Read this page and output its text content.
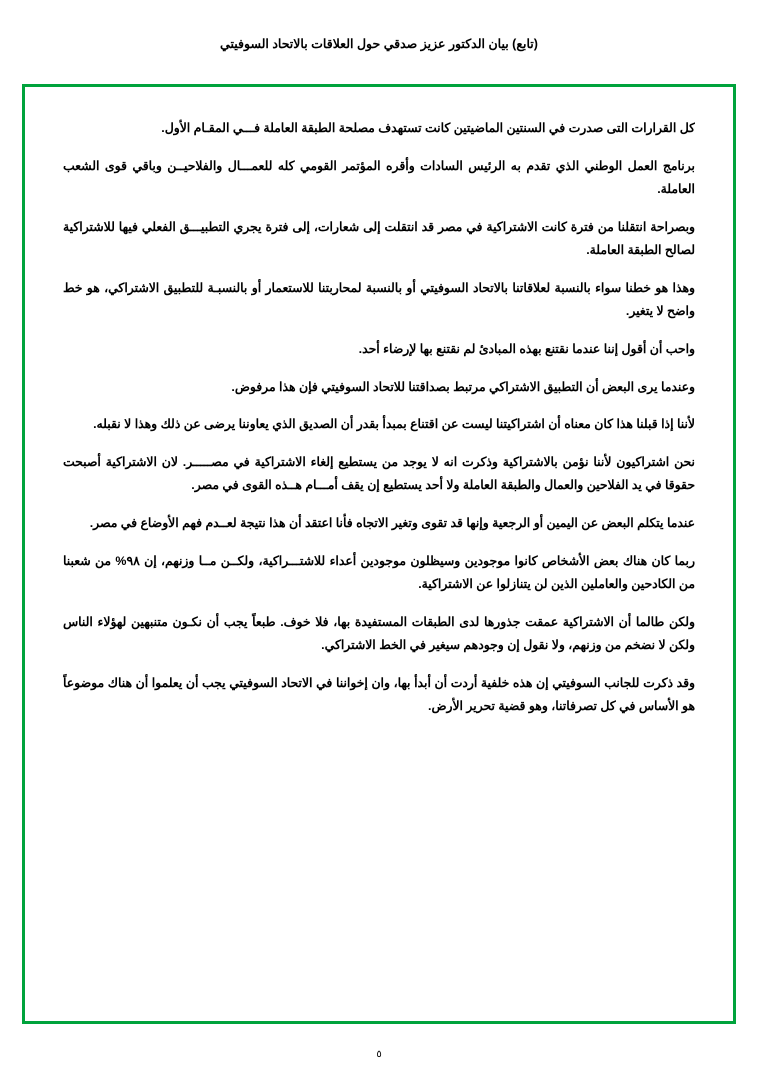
(تابع) بيان الدكتور عزيز صدقي حول العلاقات بالاتحاد السوفيتي

كل القرارات التى صدرت في السنتين الماضيتين كانت تستهدف مصلحة الطبقة العاملة فـــي المقـام الأول.

برنامج العمل الوطني الذي تقدم به الرئيس السادات وأقره المؤتمر القومي كله للعمـــال والفلاحيــن وباقي قوى الشعب العاملة.

وبصراحة انتقلنا من فترة كانت الاشتراكية في مصر قد انتقلت إلى شعارات، إلى فترة يجري التطبيـــق الفعلي فيها للاشتراكية لصالح الطبقة العاملة.

وهذا هو خطنا سواء بالنسبة لعلاقاتنا بالاتحاد السوفيتي أو بالنسبة لمحاربتنا للاستعمار أو بالنسبـة للتطبيق الاشتراكي، هو خط واضح لا يتغير.

واحب أن أقول إننا عندما نقتنع بهذه المبادئ لم نقتنع بها لإرضاء أحد.

وعندما يرى البعض أن التطبيق الاشتراكي مرتبط بصداقتنا للاتحاد السوفيتي فإن هذا مرفوض.

لأننا إذا قبلنا هذا كان معناه أن اشتراكيتنا ليست عن اقتناع بمبدأ بقدر أن الصديق الذي يعاوننا يرضى عن ذلك وهذا لا نقبله.

نحن اشتراكيون لأننا نؤمن بالاشتراكية وذكرت انه لا يوجد من يستطيع إلغاء الاشتراكية في مصـــــر. لان الاشتراكية أصبحت حقوقا في يد الفلاحين والعمال والطبقة العاملة ولا أحد يستطيع إن يقف أمـــام هــذه القوى في مصر.

عندما يتكلم البعض عن اليمين أو الرجعية وإنها قد تقوى وتغير الاتجاه فأنا اعتقد أن هذا نتيجة لعــدم فهم الأوضاع في مصر.

ربما كان هناك بعض الأشخاص كانوا موجودين وسيظلون موجودين أعداء للاشتـــراكية، ولكــن مــا وزنهم، إن ٩٨% من شعبنا من الكادحين والعاملين الذين لن يتنازلوا عن الاشتراكية.

ولكن طالما أن الاشتراكية عمقت جذورها لدى الطبقات المستفيدة بها، فلا خوف. طبعاً يجب أن نكـون متنبهين لهؤلاء الناس ولكن لا نضخم من وزنهم، ولا نقول إن وجودهم سيغير في الخط الاشتراكي.

وقد ذكرت للجانب السوفيتي إن هذه خلفية أردت أن أبدأ بها، وان إخواننا في الاتحاد السوفيتي يجب أن يعلموا أن هناك موضوعاً هو الأساس في كل تصرفاتنا، وهو قضية تحرير الأرض.

٥
